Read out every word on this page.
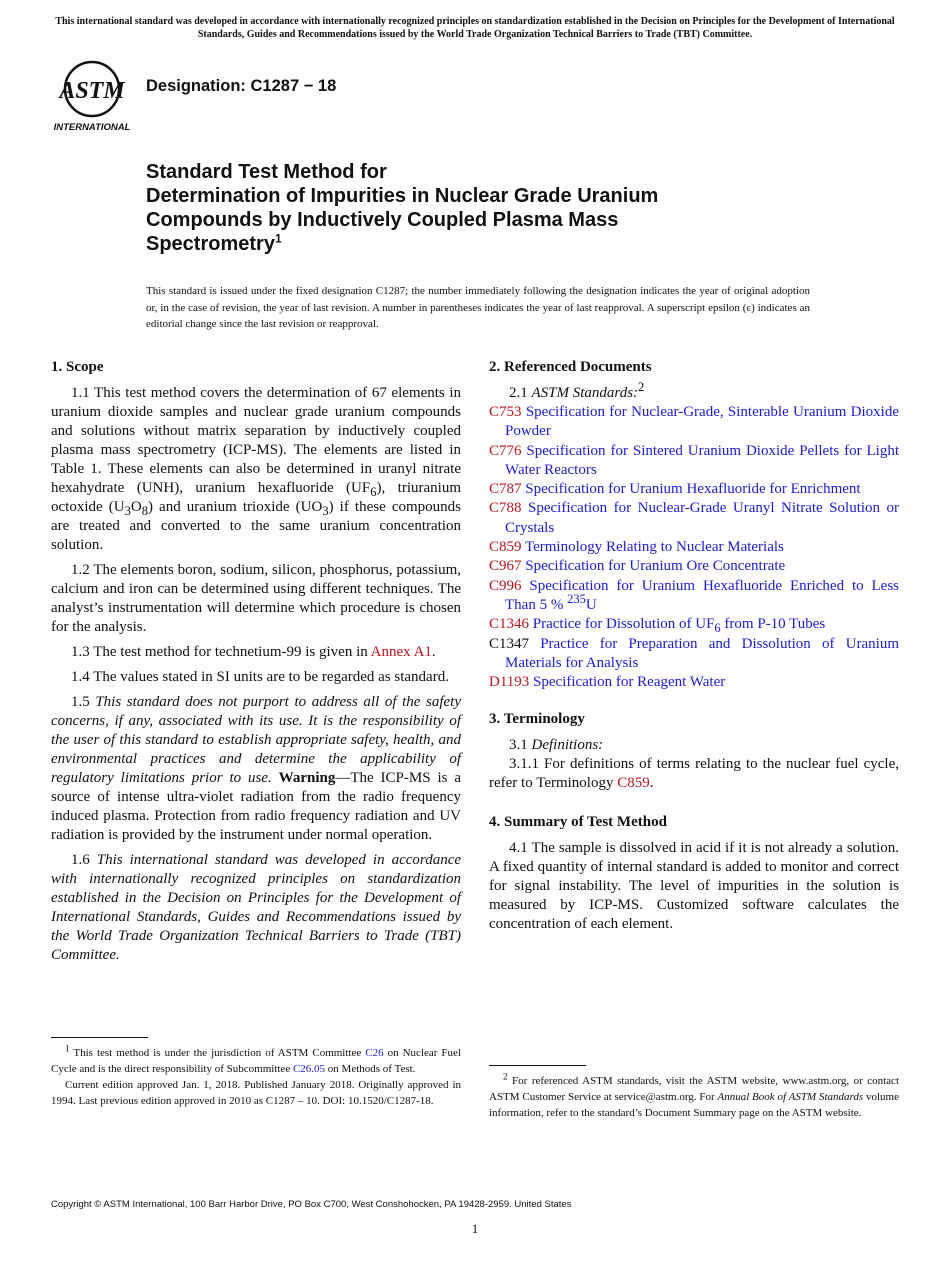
This international standard was developed in accordance with internationally recognized principles on standardization established in the Decision on Principles for the Development of International Standards, Guides and Recommendations issued by the World Trade Organization Technical Barriers to Trade (TBT) Committee.
ASTM
INTERNATIONAL
Designation: C1287 − 18
Standard Test Method for
Determination of Impurities in Nuclear Grade Uranium
Compounds by Inductively Coupled Plasma Mass
Spectrometry$^1$
This standard is issued under the fixed designation C1287; the number immediately following the designation indicates the year of original adoption or, in the case of revision, the year of last revision. A number in parentheses indicates the year of last reapproval. A superscript epsilon (ε) indicates an editorial change since the last revision or reapproval.
1. Scope

1.1 This test method covers the determination of 67 elements in uranium dioxide samples and nuclear grade uranium compounds and solutions without matrix separation by inductively coupled plasma mass spectrometry (ICP-MS). The elements are listed in Table 1. These elements can also be determined in uranyl nitrate hexahydrate (UNH), uranium hexafluoride $(UF_6)$, triuranium octoxide $(U_3O_8)$ and uranium trioxide $(UO_3)$ if these compounds are treated and converted to the same uranium concentration solution.

1.2 The elements boron, sodium, silicon, phosphorus, potassium, calcium and iron can be determined using different techniques. The analyst’s instrumentation will determine which procedure is chosen for the analysis.

1.3 The test method for technetium-99 is given in Annex A1.

1.4 The values stated in SI units are to be regarded as standard.

1.5 This standard does not purport to address all of the safety concerns, if any, associated with its use. It is the responsibility of the user of this standard to establish appropriate safety, health, and environmental practices and determine the applicability of regulatory limitations prior to use. Warning—The ICP-MS is a source of intense ultra-violet radiation from the radio frequency induced plasma. Protection from radio frequency radiation and UV radiation is provided by the instrument under normal operation.

1.6 This international standard was developed in accordance with internationally recognized principles on standardization established in the Decision on Principles for the Development of International Standards, Guides and Recommendations issued by the World Trade Organization Technical Barriers to Trade (TBT) Committee.

2. Referenced Documents

2.1 ASTM Standards:$^2$

C753 Specification for Nuclear-Grade, Sinterable Uranium Dioxide Powder
C776 Specification for Sintered Uranium Dioxide Pellets for Light Water Reactors
C787 Specification for Uranium Hexafluoride for Enrichment
C788 Specification for Nuclear-Grade Uranyl Nitrate Solution or Crystals
C859 Terminology Relating to Nuclear Materials
C967 Specification for Uranium Ore Concentrate
C996 Specification for Uranium Hexafluoride Enriched to Less Than 5 % $^{235}$U
C1346 Practice for Dissolution of $UF_6$ from P-10 Tubes
C1347 Practice for Preparation and Dissolution of Uranium Materials for Analysis
D1193 Specification for Reagent Water
3. Terminology

3.1 Definitions:

3.1.1 For definitions of terms relating to the nuclear fuel cycle, refer to Terminology C859.

4. Summary of Test Method

4.1 The sample is dissolved in acid if it is not already a solution. A fixed quantity of internal standard is added to monitor and correct for signal instability. The level of impurities in the solution is measured by ICP-MS. Customized software calculates the concentration of each element.

$^1$ This test method is under the jurisdiction of ASTM Committee C26 on Nuclear Fuel Cycle and is the direct responsibility of Subcommittee C26.05 on Methods of Test.

Current edition approved Jan. 1, 2018. Published January 2018. Originally approved in 1994. Last previous edition approved in 2010 as C1287 – 10. DOI: 10.1520/C1287-18.

$^2$ For referenced ASTM standards, visit the ASTM website, www.astm.org, or contact ASTM Customer Service at service@astm.org. For Annual Book of ASTM Standards volume information, refer to the standard’s Document Summary page on the ASTM website.

Copyright © ASTM International, 100 Barr Harbor Drive, PO Box C700, West Conshohocken, PA 19428-2959. United States
1
